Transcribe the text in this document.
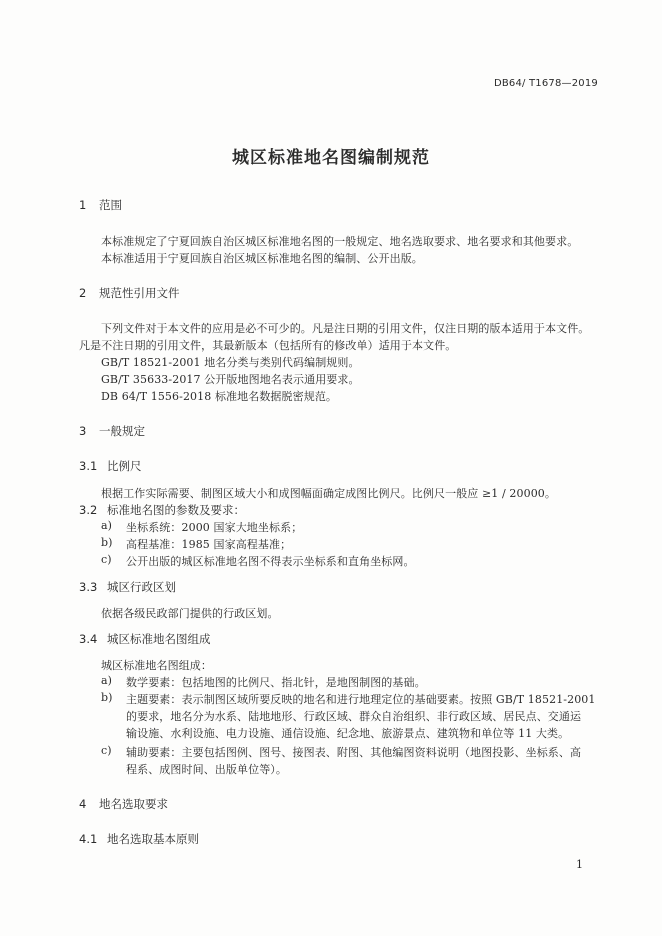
DB64/ T1678—2019
城区标准地名图编制规范
1 范围
本标准规定了宁夏回族自治区城区标准地名图的一般规定、地名选取要求、地名要求和其他要求。
本标准适用于宁夏回族自治区城区标准地名图的编制、公开出版。
2 规范性引用文件
下列文件对于本文件的应用是必不可少的。凡是注日期的引用文件，仅注日期的版本适用于本文件。
凡是不注日期的引用文件，其最新版本（包括所有的修改单）适用于本文件。
GB/T 18521-2001 地名分类与类别代码编制规则。
GB/T 35633-2017 公开版地图地名表示通用要求。
DB 64/T 1556-2018 标准地名数据脱密规范。
3 一般规定
3.1 比例尺
根据工作实际需要、制图区域大小和成图幅面确定成图比例尺。比例尺一般应 ≥1 / 20000。
3.2 标准地名图的参数及要求：
a) 坐标系统：2000 国家大地坐标系；
b) 高程基准：1985 国家高程基准；
c) 公开出版的城区标准地名图不得表示坐标系和直角坐标网。
3.3 城区行政区划
依据各级民政部门提供的行政区划。
3.4 城区标准地名图组成
城区标准地名图组成：
a) 数学要素：包括地图的比例尺、指北针，是地图制图的基础。
b) 主题要素：表示制图区域所要反映的地名和进行地理定位的基础要素。按照 GB/T 18521-2001
的要求，地名分为水系、陆地地形、行政区域、群众自治组织、非行政区域、居民点、交通运
输设施、水利设施、电力设施、通信设施、纪念地、旅游景点、建筑物和单位等 11 大类。
c) 辅助要素：主要包括图例、图号、接图表、附图、其他编图资料说明（地图投影、坐标系、高
程系、成图时间、出版单位等）。
4 地名选取要求
4.1 地名选取基本原则
1
